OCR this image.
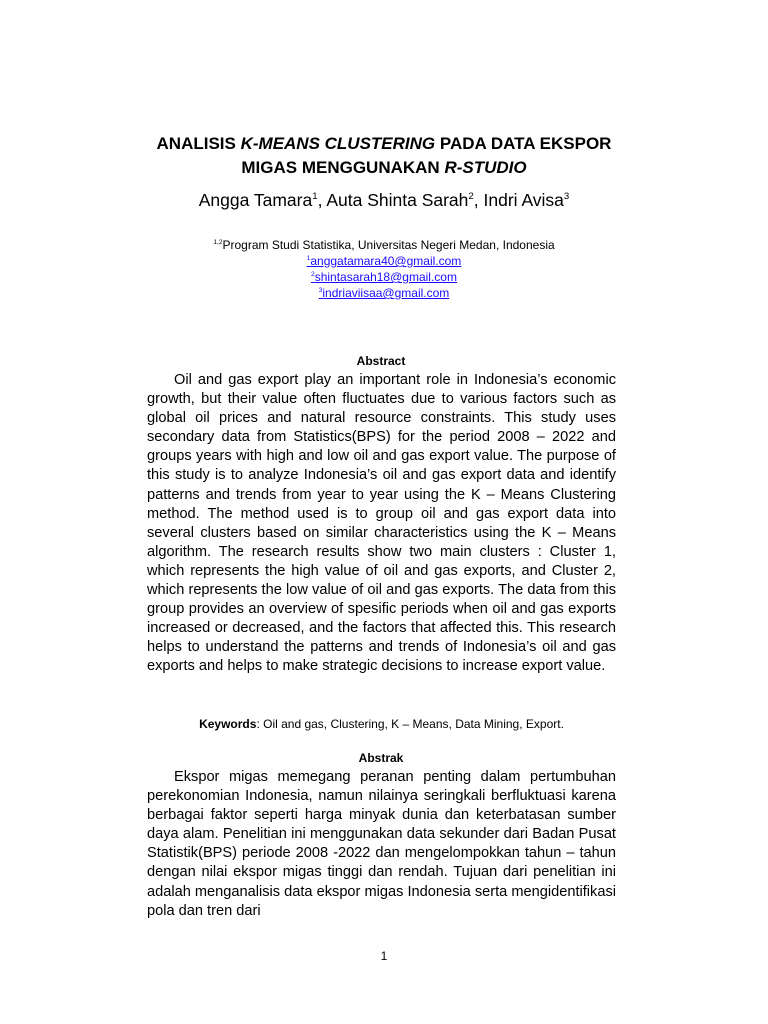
ANALISIS K-MEANS CLUSTERING PADA DATA EKSPOR
MIGAS MENGGUNAKAN R-STUDIO
Angga Tamara$^1$, Auta Shinta Sarah$^2$, Indri Avisa$^3$
$^{1,2}$Program Studi Statistika, Universitas Negeri Medan, Indonesia
$^1$anggatamara40@gmail.com
$^2$shintasarah18@gmail.com
$^3$indriaviisaa@gmail.com
Abstract

Oil and gas export play an important role in Indonesia’s economic growth, but their value often fluctuates due to various factors such as global oil prices and natural resource constraints. This study uses secondary data from Statistics(BPS) for the period 2008 – 2022 and groups years with high and low oil and gas export value. The purpose of this study is to analyze Indonesia’s oil and gas export data and identify patterns and trends from year to year using the K – Means Clustering method. The method used is to group oil and gas export data into several clusters based on similar characteristics using the K – Means algorithm. The research results show two main clusters : Cluster 1, which represents the high value of oil and gas exports, and Cluster 2, which represents the low value of oil and gas exports. The data from this group provides an overview of spesific periods when oil and gas exports increased or decreased, and the factors that affected this. This research helps to understand the patterns and trends of Indonesia’s oil and gas exports and helps to make strategic decisions to increase export value.

Keywords: Oil and gas, Clustering, K – Means, Data Mining, Export.
Abstrak

Ekspor migas memegang peranan penting dalam pertumbuhan perekonomian Indonesia, namun nilainya seringkali berfluktuasi karena berbagai faktor seperti harga minyak dunia dan keterbatasan sumber daya alam. Penelitian ini menggunakan data sekunder dari Badan Pusat Statistik(BPS) periode 2008 -2022 dan mengelompokkan tahun – tahun dengan nilai ekspor migas tinggi dan rendah. Tujuan dari penelitian ini adalah menganalisis data ekspor migas Indonesia serta mengidentifikasi pola dan tren dari

1
